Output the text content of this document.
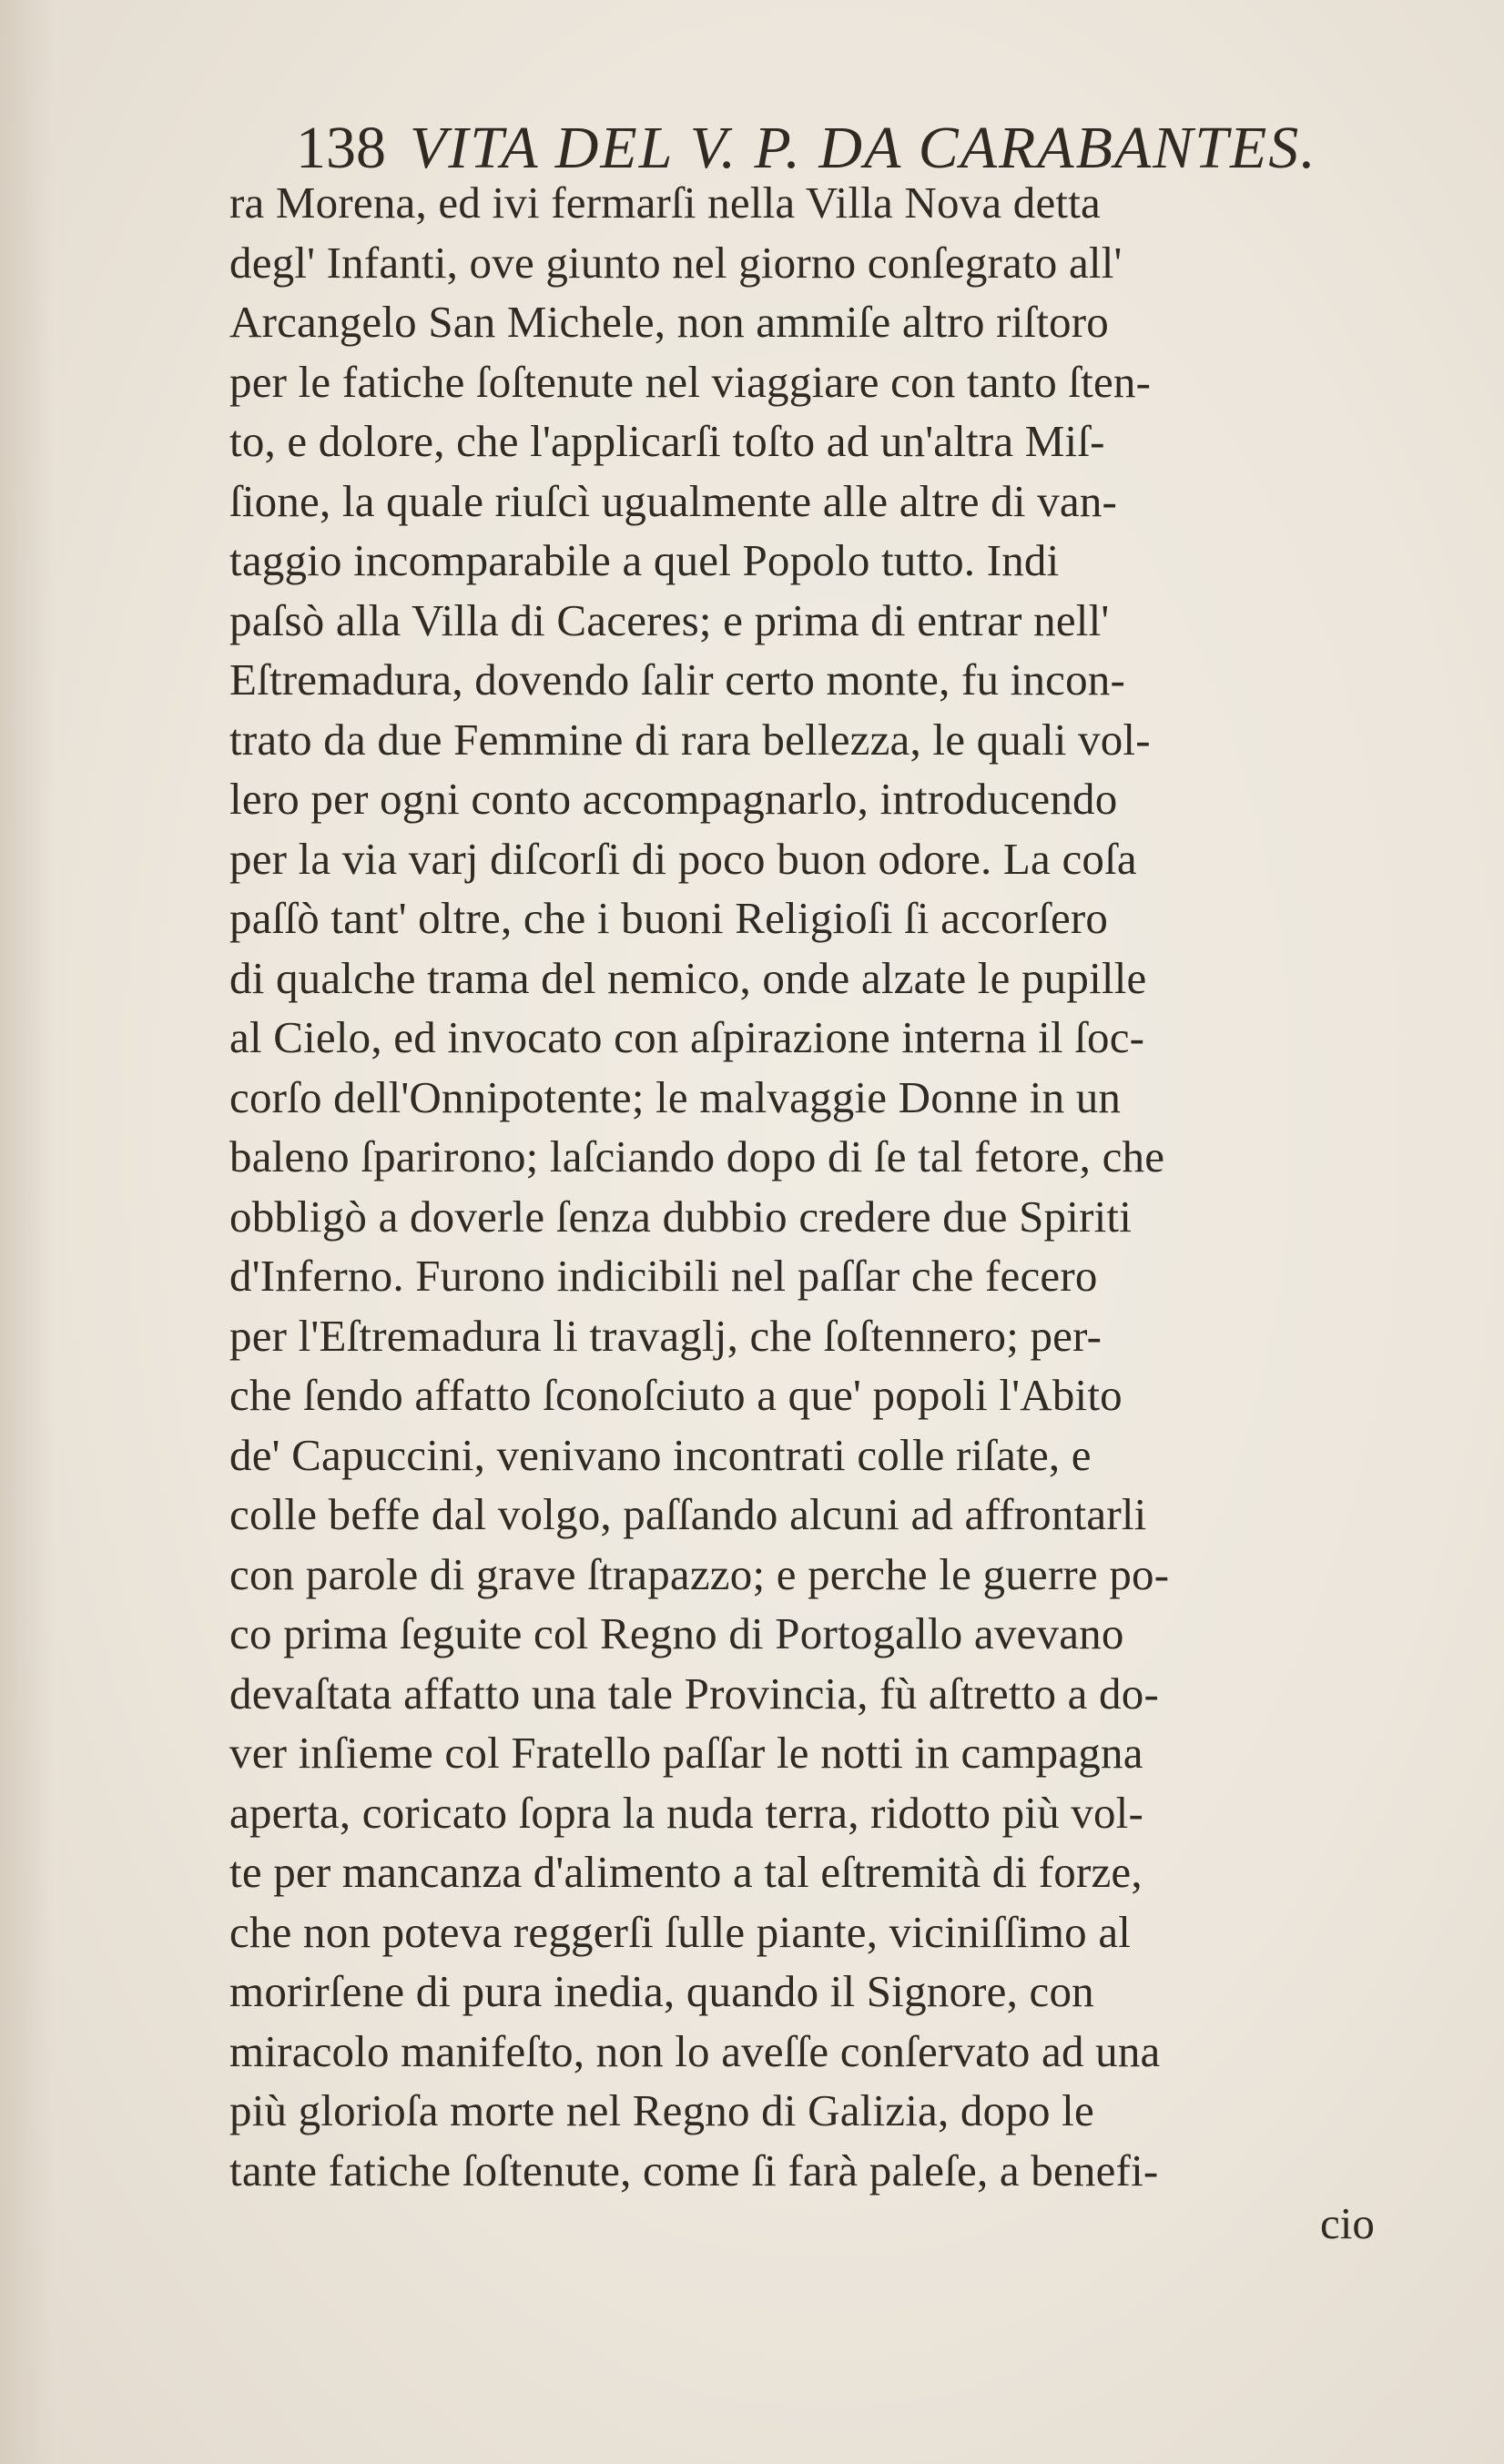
138 VITA DEL V. P. DA CARABANTES.
ra Morena, ed ivi fermarſi nella Villa Nova detta
degl' Infanti, ove giunto nel giorno conſegrato all'
Arcangelo San Michele, non ammiſe altro riſtoro
per le fatiche ſoſtenute nel viaggiare con tanto ſten-
to, e dolore, che l'applicarſi toſto ad un'altra Miſ-
ſione, la quale riuſcì ugualmente alle altre di van-
taggio incomparabile a quel Popolo tutto. Indi
paſsò alla Villa di Caceres; e prima di entrar nell'
Eſtremadura, dovendo ſalir certo monte, fu incon-
trato da due Femmine di rara bellezza, le quali vol-
lero per ogni conto accompagnarlo, introducendo
per la via varj diſcorſi di poco buon odore. La coſa
paſſò tant' oltre, che i buoni Religioſi ſi accorſero
di qualche trama del nemico, onde alzate le pupille
al Cielo, ed invocato con aſpirazione interna il ſoc-
corſo dell'Onnipotente; le malvaggie Donne in un
baleno ſparirono; laſciando dopo di ſe tal fetore, che
obbligò a doverle ſenza dubbio credere due Spiriti
d'Inferno. Furono indicibili nel paſſar che fecero
per l'Eſtremadura li travaglj, che ſoſtennero; per-
che ſendo affatto ſconoſciuto a que' popoli l'Abito
de' Capuccini, venivano incontrati colle riſate, e
colle beffe dal volgo, paſſando alcuni ad affrontarli
con parole di grave ſtrapazzo; e perche le guerre po-
co prima ſeguite col Regno di Portogallo avevano
devaſtata affatto una tale Provincia, fù aſtretto a do-
ver inſieme col Fratello paſſar le notti in campagna
aperta, coricato ſopra la nuda terra, ridotto più vol-
te per mancanza d'alimento a tal eſtremità di forze,
che non poteva reggerſi ſulle piante, viciniſſimo al
morirſene di pura inedia, quando il Signore, con
miracolo manifeſto, non lo aveſſe conſervato ad una
più glorioſa morte nel Regno di Galizia, dopo le
tante fatiche ſoſtenute, come ſi farà paleſe, a benefi-
cio
